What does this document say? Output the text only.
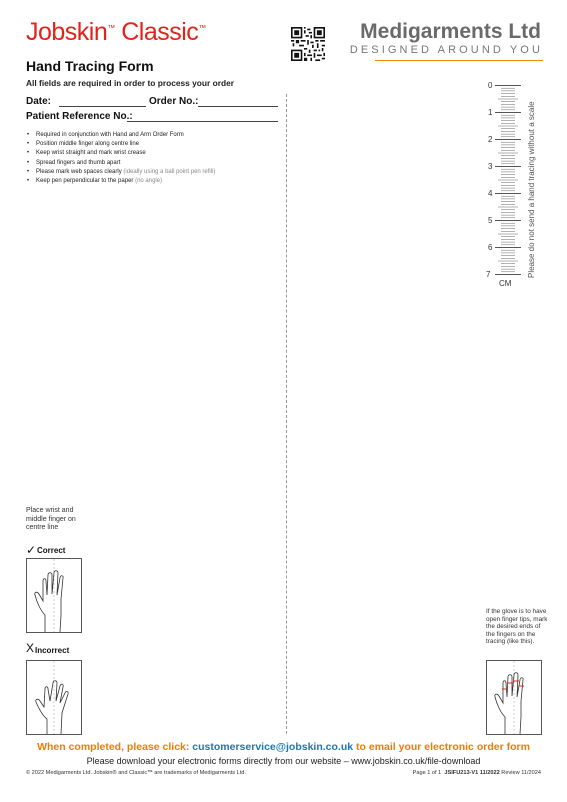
Jobskin™ Classic™	Medigarments Ltd
DESIGNED AROUND YOU
Hand Tracing Form
All fields are required in order to process your order
Date:	Order No.:
Patient Reference No.:
• Required in conjunction with Hand and Arm Order Form
• Position middle finger along centre line
• Keep wrist straight and mark wrist crease
• Spread fingers and thumb apart
• Please mark web spaces clearly (ideally using a ball point pen refill)
• Keep pen perpendicular to the paper (no angle)
0
1
2
3
4
5
6
7
CM
Please do not send a hand tracing without a scale
Place wrist and middle finger on centre line
✓ Correct
X Incorrect
If the glove is to have open finger tips, mark the desired ends of the fingers on the tracing (like this).
When completed, please click: customerservice@jobskin.co.uk to email your electronic order form
Please download your electronic forms directly from our website – www.jobskin.co.uk/file-download
© 2022 Medigarments Ltd. Jobskin® and Classic™ are trademarks of Medigarments Ltd.	Page 1 of 1 JSIFU213-V1 11/2022 Review 11/2024
